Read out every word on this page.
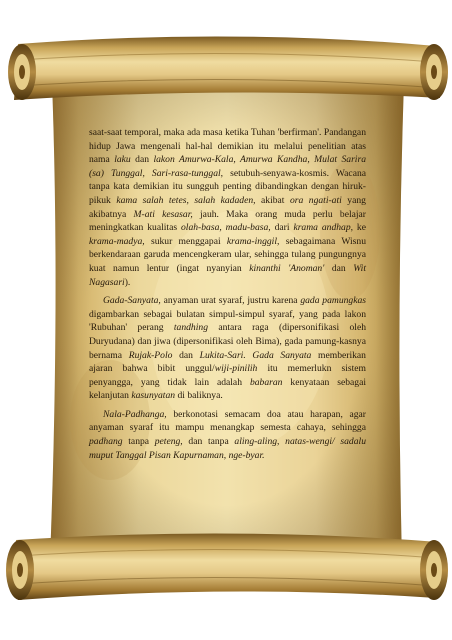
saat-saat temporal, maka ada masa ketika Tuhan 'berfirman'. Pandangan hidup Jawa mengenali hal-hal demikian itu melalui penelitian atas nama laku dan lakon Amurwa-Kala, Amurwa Kandha, Mulat Sarira (sa) Tunggal, Sari-rasa-tunggal, setubuh-senyawa-kosmis. Wacana tanpa kata demikian itu sungguh penting dibandingkan dengan hiruk-pikuk kama salah tetes, salah kadaden, akibat ora ngati-ati yang akibatnya M-ati kesasar, jauh. Maka orang muda perlu belajar meningkatkan kualitas olah-basa, madu-basa, dari krama andhap, ke krama-madya, sukur menggapai krama-inggil, sebagaimana Wisnu berkendaraan garuda mencengkeram ular, sehingga tulang pungungnya kuat namun lentur (ingat nyanyian kinanthi 'Anoman' dan Wit Nagasari).

Gada-Sanyata, anyaman urat syaraf, justru karena gada pamungkas digambarkan sebagai bulatan simpul-simpul syaraf, yang pada lakon 'Rubuhan' perang tandhing antara raga (dipersonifikasi oleh Duryudana) dan jiwa (dipersonifikasi oleh Bima), gada pamung-kasnya bernama Rujak-Polo dan Lukita-Sari. Gada Sanyata memberikan ajaran bahwa bibit unggul/wiji-pinilih itu memerlukn sistem penyangga, yang tidak lain adalah babaran kenyataan sebagai kelanjutan kasunyatan di baliknya.

Nala-Padhanga, berkonotasi semacam doa atau harapan, agar anyaman syaraf itu mampu menangkap semesta cahaya, sehingga padhang tanpa peteng, dan tanpa aling-aling, natas-wengi/ sadalu muput Tanggal Pisan Kapurnaman, nge-byar.
